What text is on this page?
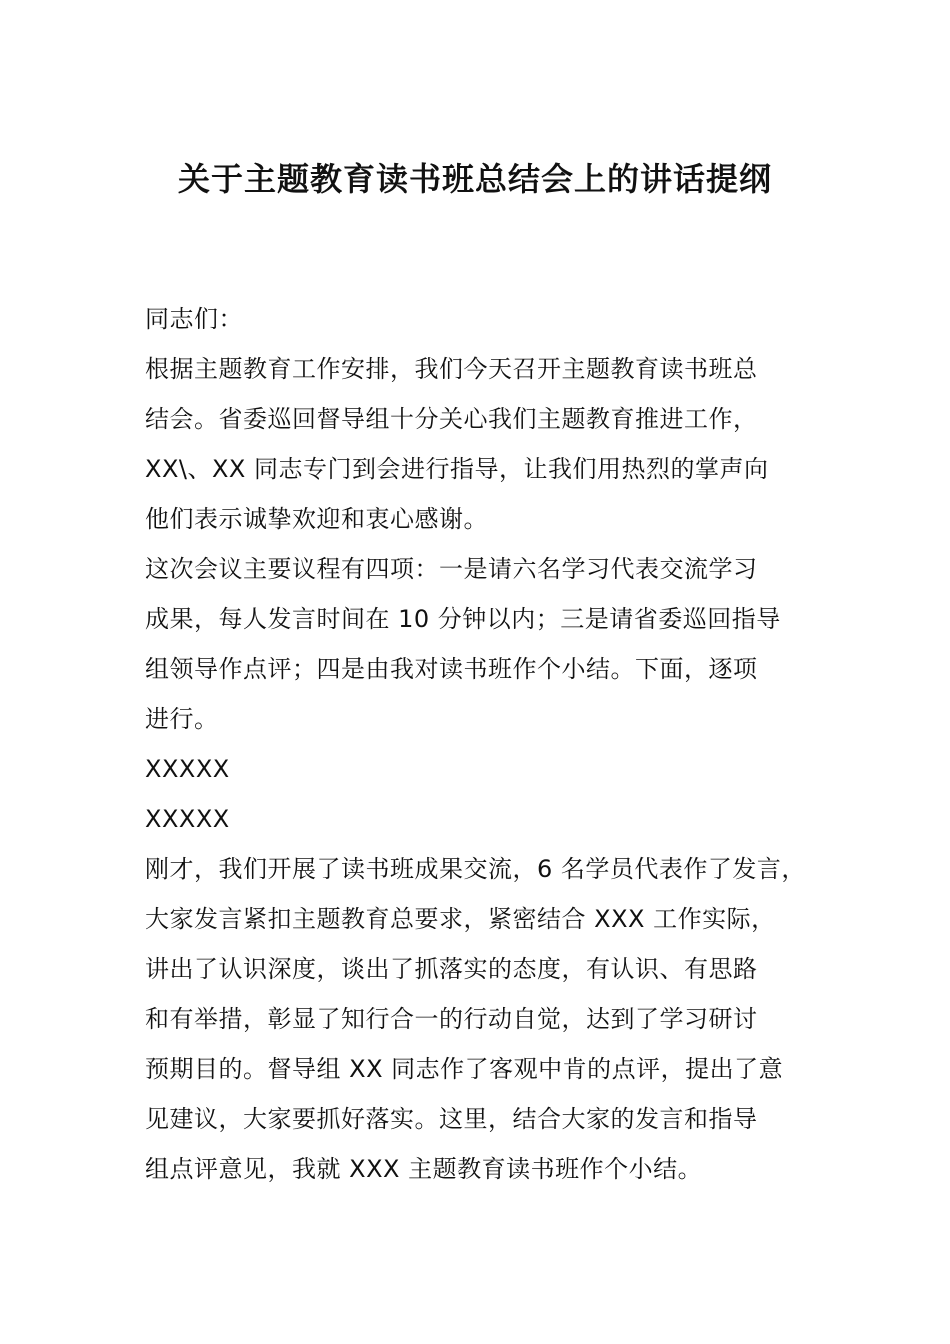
关于主题教育读书班总结会上的讲话提纲
同志们：
根据主题教育工作安排，我们今天召开主题教育读书班总
结会。省委巡回督导组十分关心我们主题教育推进工作，
XX\、XX 同志专门到会进行指导，让我们用热烈的掌声向
他们表示诚挚欢迎和衷心感谢。
这次会议主要议程有四项：一是请六名学习代表交流学习
成果，每人发言时间在 10 分钟以内；三是请省委巡回指导
组领导作点评；四是由我对读书班作个小结。下面，逐项
进行。
XXXXX
XXXXX
刚才，我们开展了读书班成果交流，6 名学员代表作了发言，
大家发言紧扣主题教育总要求，紧密结合 XXX 工作实际，
讲出了认识深度，谈出了抓落实的态度，有认识、有思路
和有举措，彰显了知行合一的行动自觉，达到了学习研讨
预期目的。督导组 XX 同志作了客观中肯的点评，提出了意
见建议，大家要抓好落实。这里，结合大家的发言和指导
组点评意见，我就 XXX 主题教育读书班作个小结。
